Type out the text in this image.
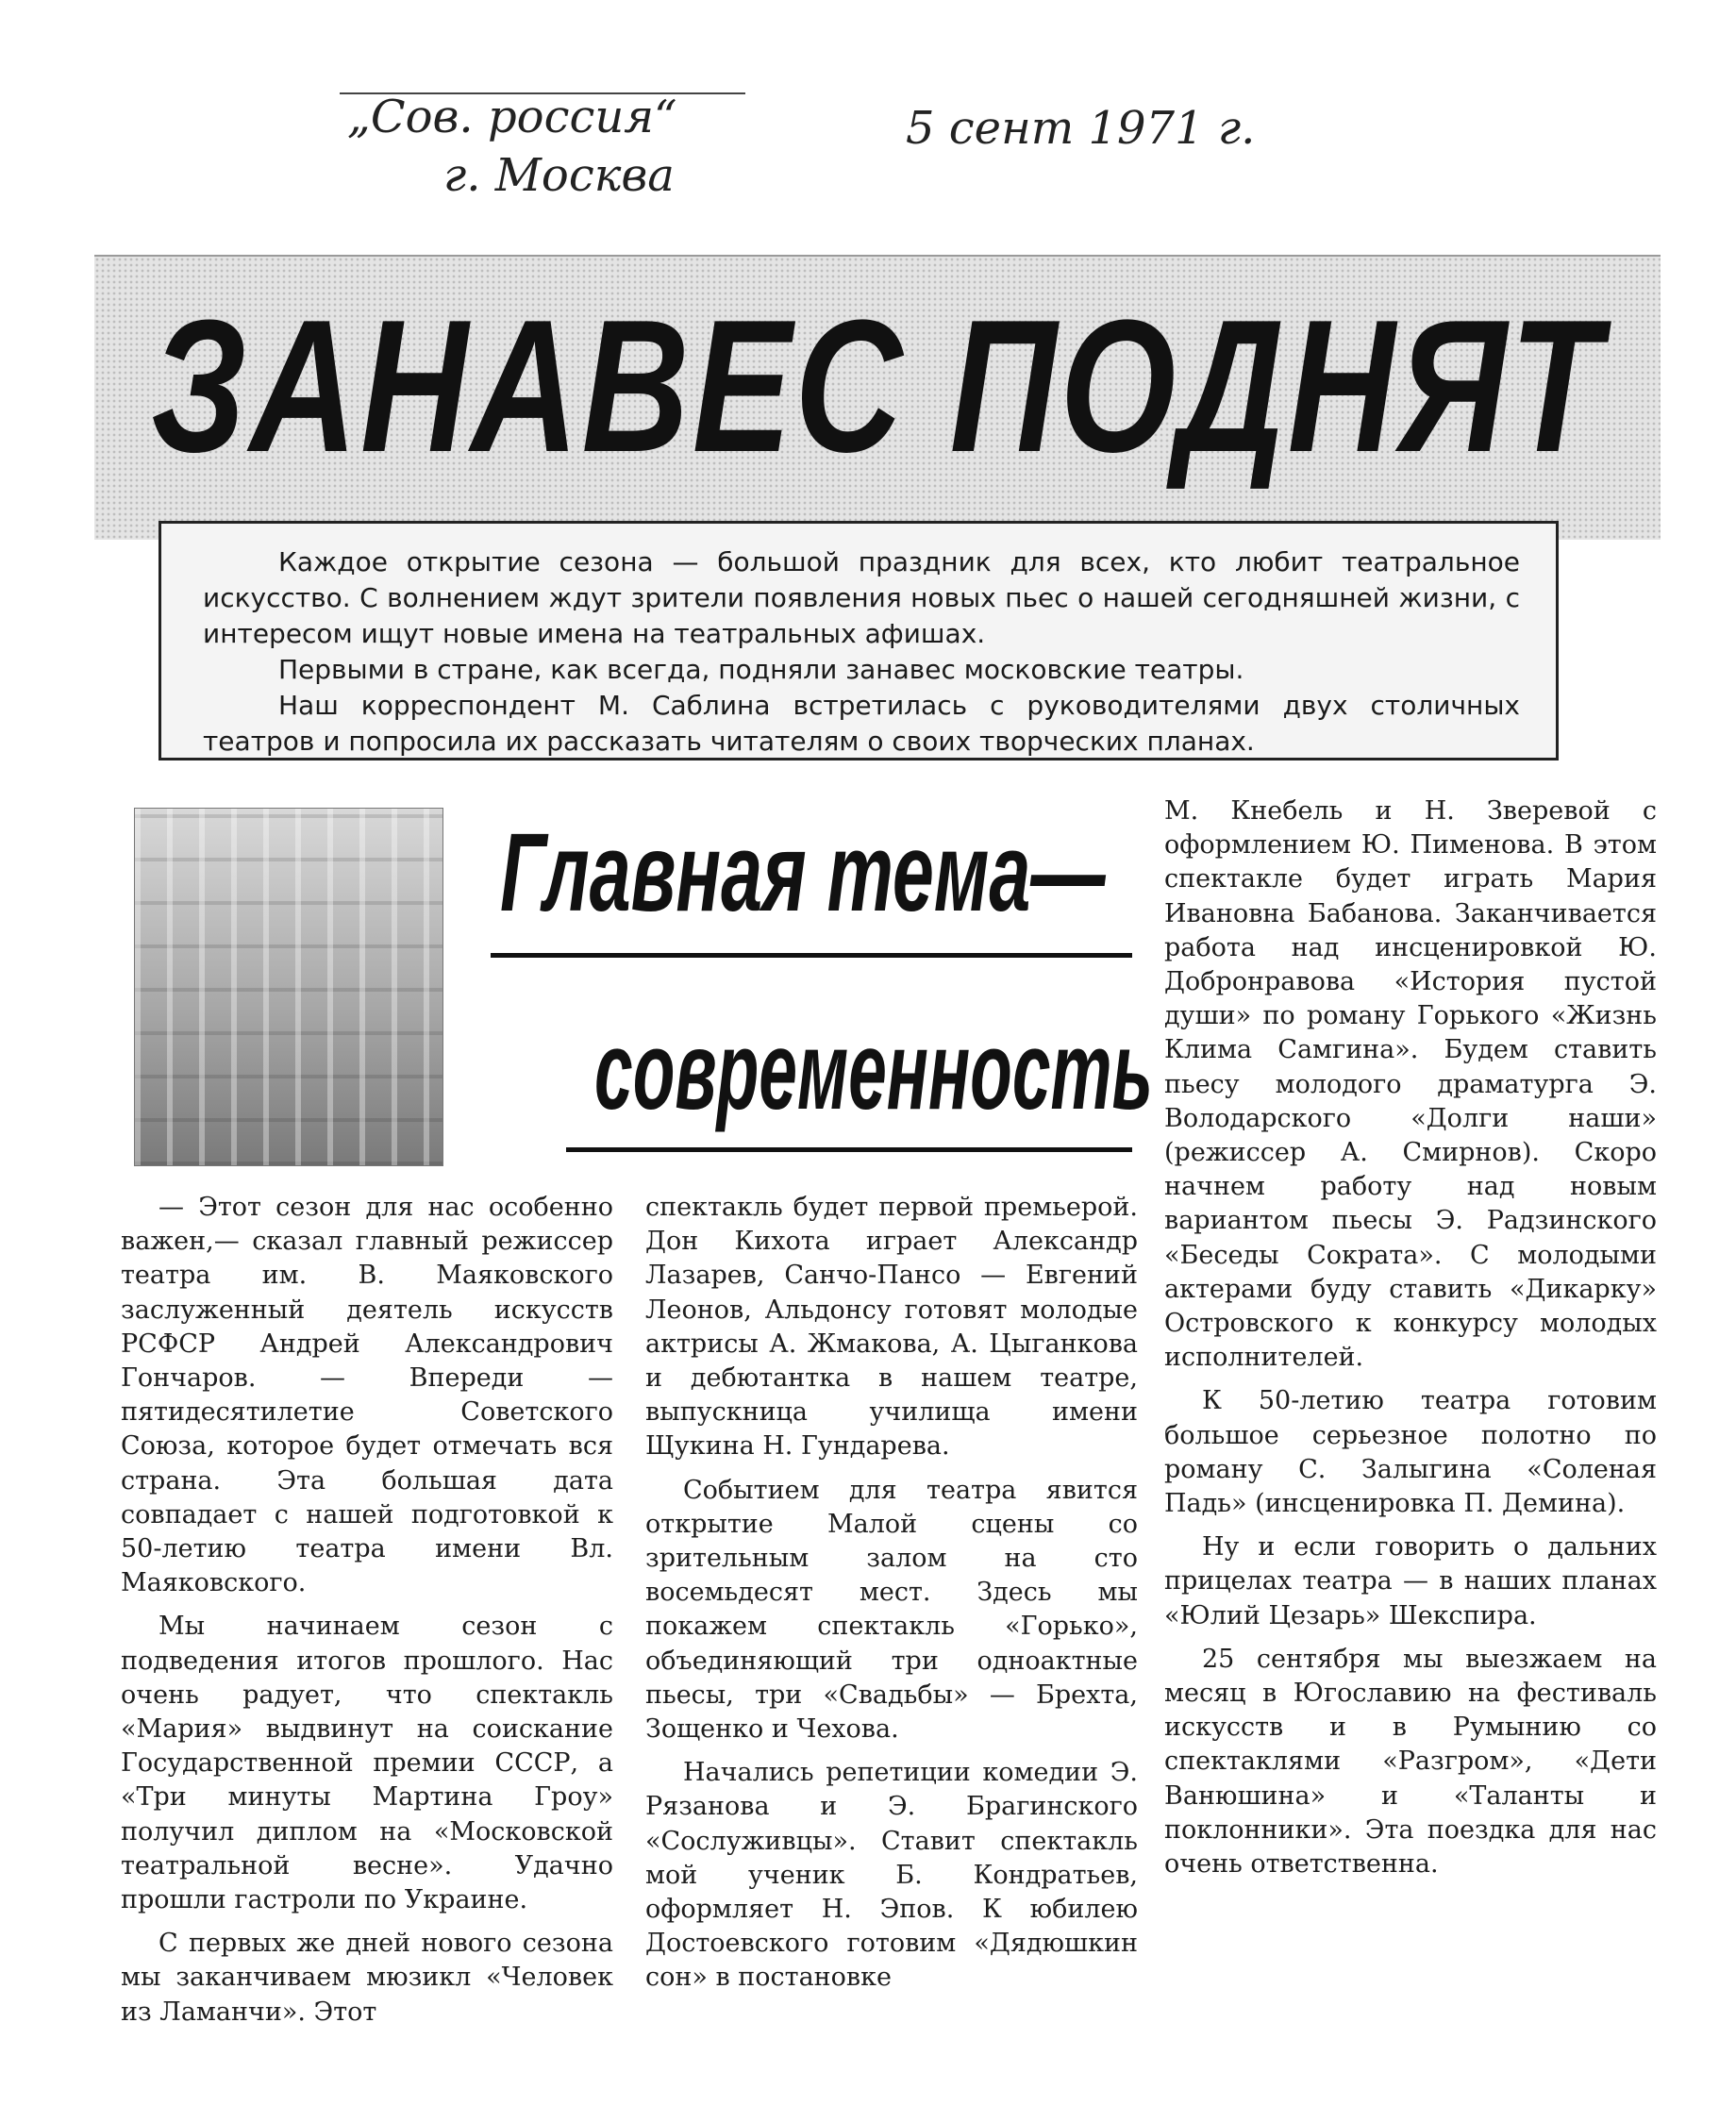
„Сов. россия“
г. Москва
5 сент 1971 г.
ЗАНАВЕС ПОДНЯТ

Каждое открытие сезона — большой праздник для всех, кто любит театральное искусство. С волнением ждут зрители появления новых пьес о нашей сегодняшней жизни, с интересом ищут новые имена на театральных афишах.

Первыми в стране, как всегда, подняли занавес московские театры.

Наш корреспондент М. Саблина встретилась с руководителями двух столичных театров и попросила их рассказать читателям о своих творческих планах.

Главная тема—
современность

— Этот сезон для нас особенно важен,— сказал главный режиссер театра им. В. Маяковского заслуженный деятель искусств РСФСР Андрей Александрович Гончаров. — Впереди — пятидесятилетие Советского Союза, которое будет отмечать вся страна. Эта большая дата совпадает с нашей подготовкой к 50-летию театра имени Вл. Маяковского.

Мы начинаем сезон с подведения итогов прошлого. Нас очень радует, что спектакль «Мария» выдвинут на соискание Государственной премии СССР, а «Три минуты Мартина Гроу» получил диплом на «Московской театральной весне». Удачно прошли гастроли по Украине.

С первых же дней нового сезона мы заканчиваем мюзикл «Человек из Ламанчи». Этот

спектакль будет первой премьерой. Дон Кихота играет Александр Лазарев, Санчо-Пансо — Евгений Леонов, Альдонсу готовят молодые актрисы А. Жмакова, А. Цыганкова и дебютантка в нашем театре, выпускница училища имени Щукина Н. Гундарева.

Событием для театра явится открытие Малой сцены со зрительным залом на сто восемьдесят мест. Здесь мы покажем спектакль «Горько», объединяющий три одноактные пьесы, три «Свадьбы» — Брехта, Зощенко и Чехова.

Начались репетиции комедии Э. Рязанова и Э. Брагинского «Сослуживцы». Ставит спектакль мой ученик Б. Кондратьев, оформляет Н. Эпов. К юбилею Достоевского готовим «Дядюшкин сон» в постановке

М. Кнебель и Н. Зверевой с оформлением Ю. Пименова. В этом спектакле будет играть Мария Ивановна Бабанова. Заканчивается работа над инсценировкой Ю. Добронравова «История пустой души» по роману Горького «Жизнь Клима Самгина». Будем ставить пьесу молодого драматурга Э. Володарского «Долги наши» (режиссер А. Смирнов). Скоро начнем работу над новым вариантом пьесы Э. Радзинского «Беседы Сократа». С молодыми актерами буду ставить «Дикарку» Островского к конкурсу молодых исполнителей.

К 50-летию театра готовим большое серьезное полотно по роману С. Залыгина «Соленая Падь» (инсценировка П. Демина).

Ну и если говорить о дальних прицелах театра — в наших планах «Юлий Цезарь» Шекспира.

25 сентября мы выезжаем на месяц в Югославию на фестиваль искусств и в Румынию со спектаклями «Разгром», «Дети Ванюшина» и «Таланты и поклонники». Эта поездка для нас очень ответственна.
